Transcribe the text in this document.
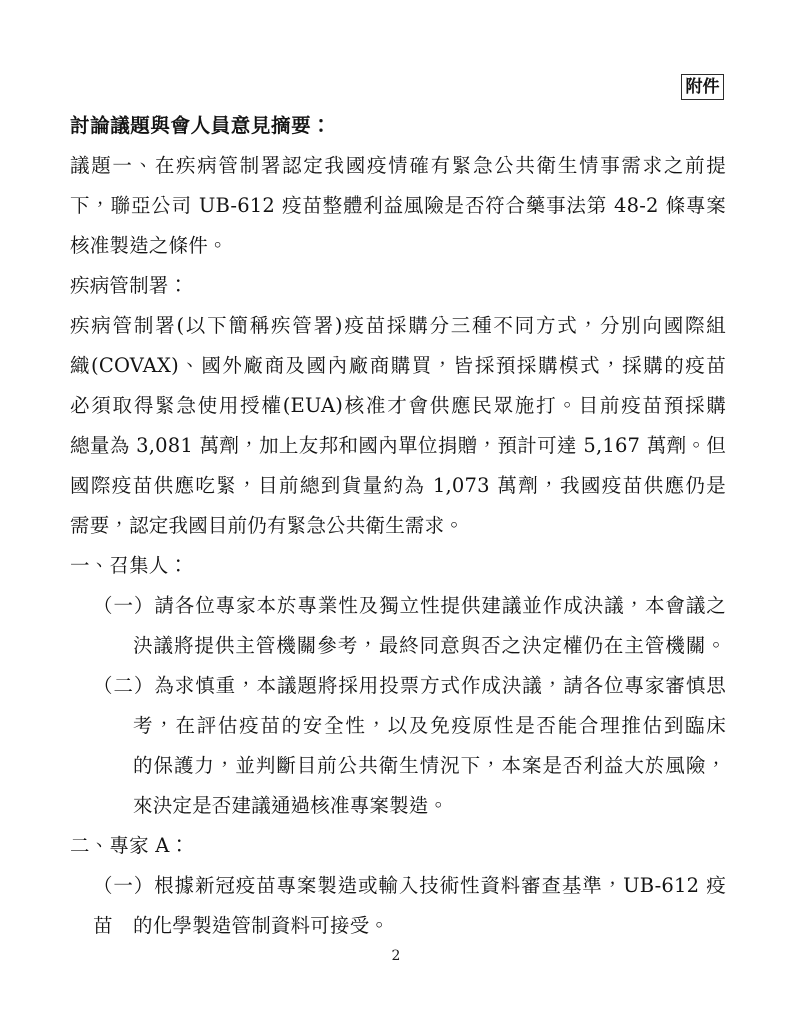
附件
討論議題與會人員意見摘要：
議題一、在疾病管制署認定我國疫情確有緊急公共衛生情事需求之前提
下，聯亞公司 UB-612 疫苗整體利益風險是否符合藥事法第 48-2 條專案
核准製造之條件。
疾病管制署：
疾病管制署(以下簡稱疾管署)疫苗採購分三種不同方式，分別向國際組
織(COVAX)、國外廠商及國內廠商購買，皆採預採購模式，採購的疫苗
必須取得緊急使用授權(EUA)核准才會供應民眾施打。目前疫苗預採購
總量為 3,081 萬劑，加上友邦和國內單位捐贈，預計可達 5,167 萬劑。但
國際疫苗供應吃緊，目前總到貨量約為 1,073 萬劑，我國疫苗供應仍是
需要，認定我國目前仍有緊急公共衛生需求。
一、召集人：
（一）請各位專家本於專業性及獨立性提供建議並作成決議，本會議之
決議將提供主管機關參考，最終同意與否之決定權仍在主管機關。
（二）為求慎重，本議題將採用投票方式作成決議，請各位專家審慎思
考，在評估疫苗的安全性，以及免疫原性是否能合理推估到臨床
的保護力，並判斷目前公共衛生情況下，本案是否利益大於風險，
來決定是否建議通過核准專案製造。
二、專家 A：
（一）根據新冠疫苗專案製造或輸入技術性資料審查基準，UB-612 疫苗	的化學製造管制資料可接受。
2
